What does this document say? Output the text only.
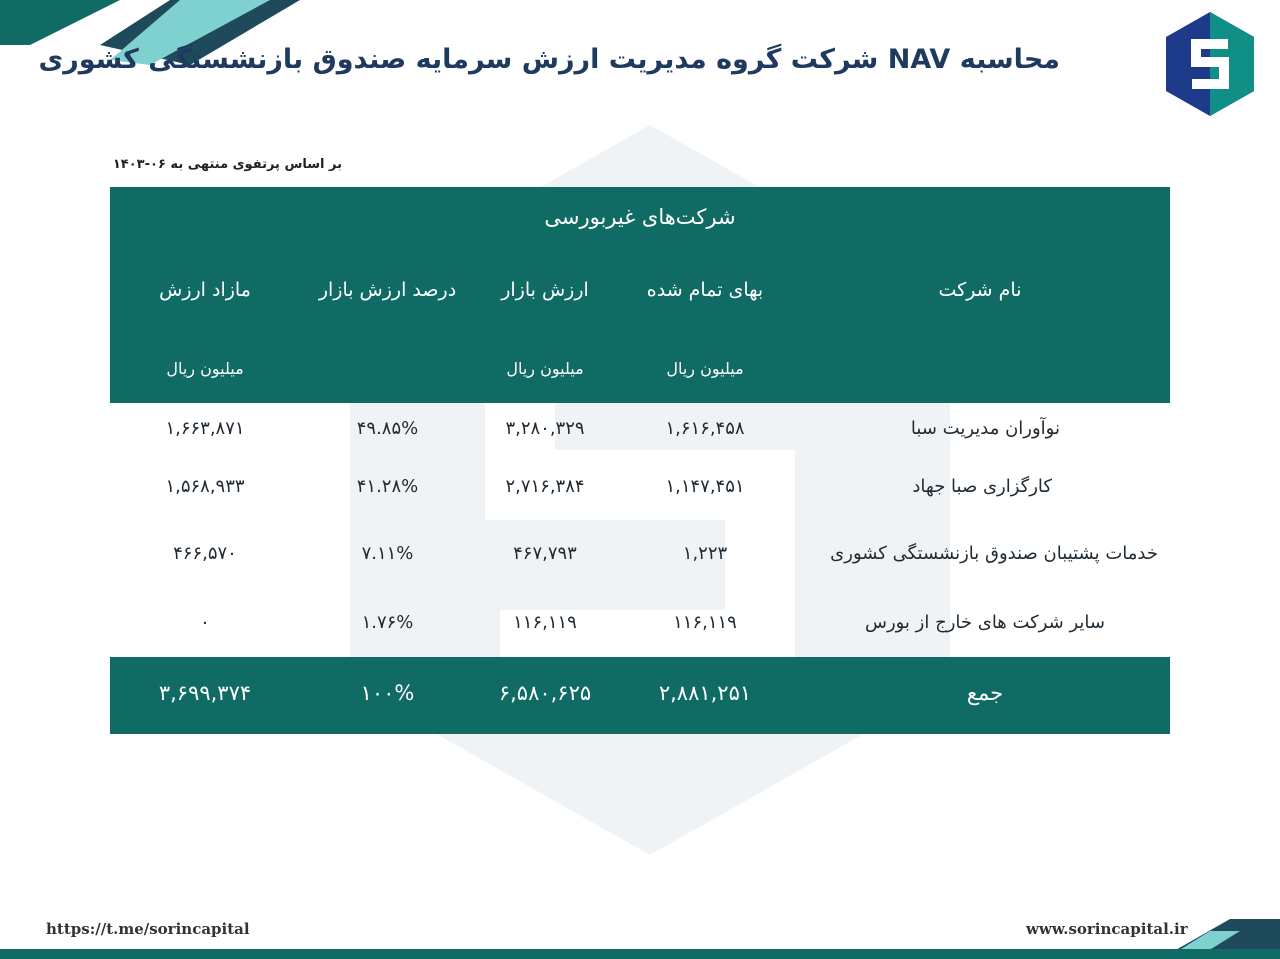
محاسبه NAV شرکت گروه مدیریت ارزش سرمایه صندوق بازنشستگی کشوری
بر اساس پرتفوی منتهی به ۰۶-۱۴۰۳
شرکت‌های غیربورسی
نام شرکت
بهای تمام شده
ارزش بازار
درصد ارزش بازار
مازاد ارزش
میلیون ریال
میلیون ریال
میلیون ریال
نوآوران مدیریت سبا
۱,۶۱۶,۴۵۸
۳,۲۸۰,۳۲۹
۴۹.۸۵%
۱,۶۶۳,۸۷۱
کارگزاری صبا جهاد
۱,۱۴۷,۴۵۱
۲,۷۱۶,۳۸۴
۴۱.۲۸%
۱,۵۶۸,۹۳۳
خدمات پشتیبان صندوق بازنشستگی کشوری
۱,۲۲۳
۴۶۷,۷۹۳
۷.۱۱%
۴۶۶,۵۷۰
سایر شرکت های خارج از بورس
۱۱۶,۱۱۹
۱۱۶,۱۱۹
۱.۷۶%
۰
جمع
۲,۸۸۱,۲۵۱
۶,۵۸۰,۶۲۵
۱۰۰%
۳,۶۹۹,۳۷۴
https://t.me/sorincapital	www.sorincapital.ir
